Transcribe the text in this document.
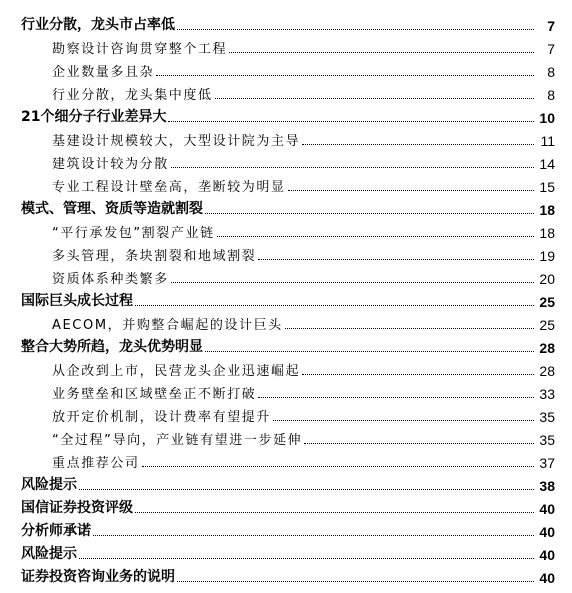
行业分散，龙头市占率低	7
勘察设计咨询贯穿整个工程	7
企业数量多且杂	8
行业分散，龙头集中度低	8
21个细分子行业差异大	10
基建设计规模较大，大型设计院为主导	11
建筑设计较为分散	14
专业工程设计壁垒高，垄断较为明显	15
模式、管理、资质等造就割裂	18
“平行承发包”割裂产业链	18
多头管理，条块割裂和地域割裂	19
资质体系种类繁多	20
国际巨头成长过程	25
AECOM，并购整合崛起的设计巨头	25
整合大势所趋，龙头优势明显	28
从企改到上市，民营龙头企业迅速崛起	28
业务壁垒和区域壁垒正不断打破	33
放开定价机制，设计费率有望提升	35
“全过程”导向，产业链有望进一步延伸	35
重点推荐公司	37
风险提示	38
国信证券投资评级	40
分析师承诺	40
风险提示	40
证券投资咨询业务的说明	40
